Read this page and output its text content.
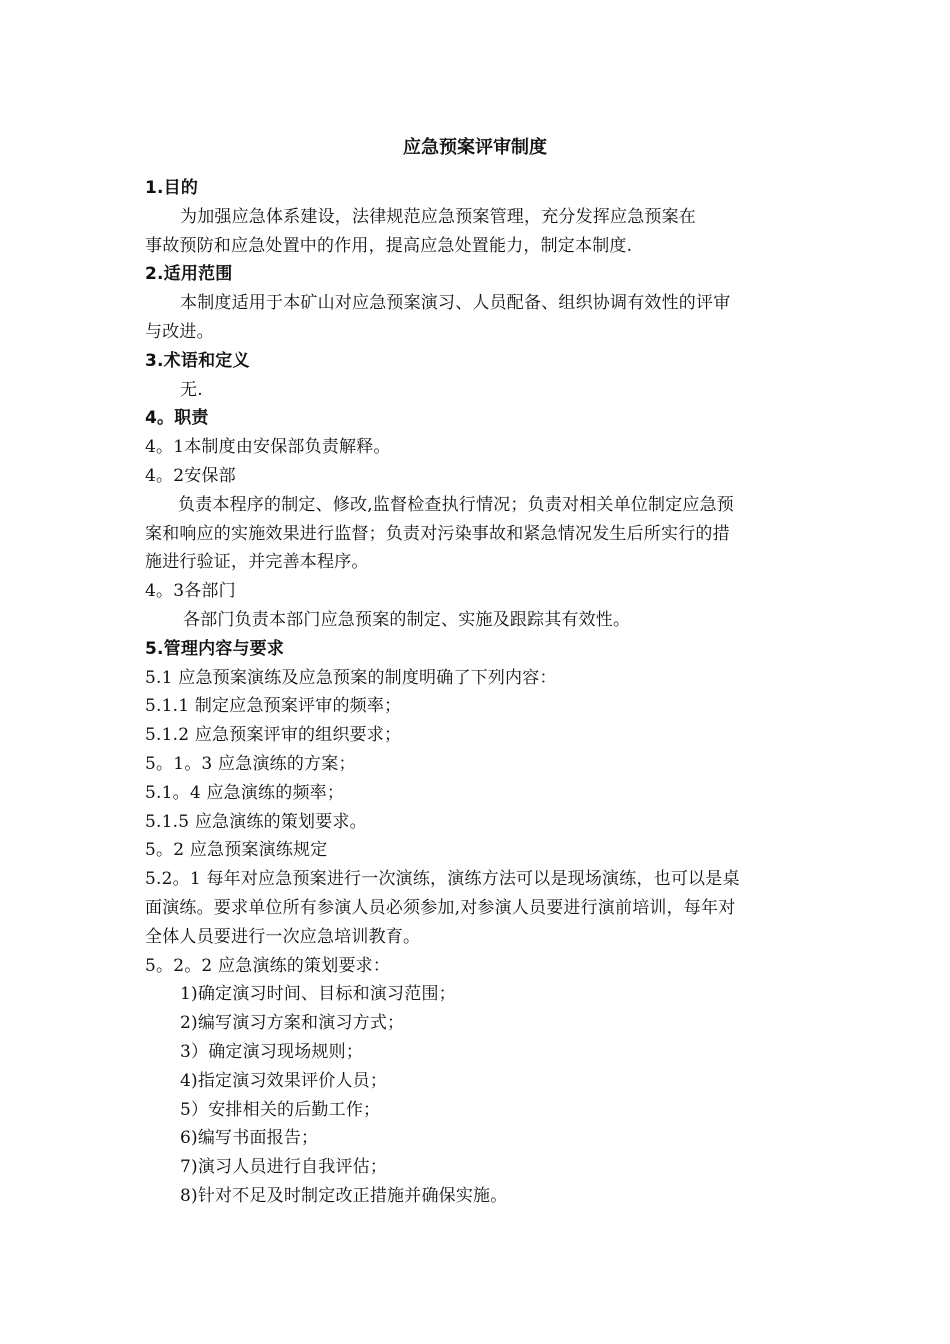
应急预案评审制度

1.目的

为加强应急体系建设，法律规范应急预案管理，充分发挥应急预案在

事故预防和应急处置中的作用，提高应急处置能力，制定本制度.

2.适用范围

本制度适用于本矿山对应急预案演习、人员配备、组织协调有效性的评审

与改进。

3.术语和定义

无.

4。职责

4。1本制度由安保部负责解释。

4。2安保部

负责本程序的制定、修改,监督检查执行情况；负责对相关单位制定应急预

案和响应的实施效果进行监督；负责对污染事故和紧急情况发生后所实行的措

施进行验证，并完善本程序。

4。3各部门

各部门负责本部门应急预案的制定、实施及跟踪其有效性。

5.管理内容与要求

5.1 应急预案演练及应急预案的制度明确了下列内容：

5.1.1 制定应急预案评审的频率；

5.1.2 应急预案评审的组织要求；

5。1。3 应急演练的方案；

5.1。4 应急演练的频率；

5.1.5 应急演练的策划要求。

5。2 应急预案演练规定

5.2。1 每年对应急预案进行一次演练，演练方法可以是现场演练，也可以是桌

面演练。要求单位所有参演人员必须参加,对参演人员要进行演前培训，每年对

全体人员要进行一次应急培训教育。

5。2。2 应急演练的策划要求：

1)确定演习时间、目标和演习范围；

2)编写演习方案和演习方式；

3）确定演习现场规则；

4)指定演习效果评价人员；

5）安排相关的后勤工作；

6)编写书面报告；

7)演习人员进行自我评估；

8)针对不足及时制定改正措施并确保实施。
